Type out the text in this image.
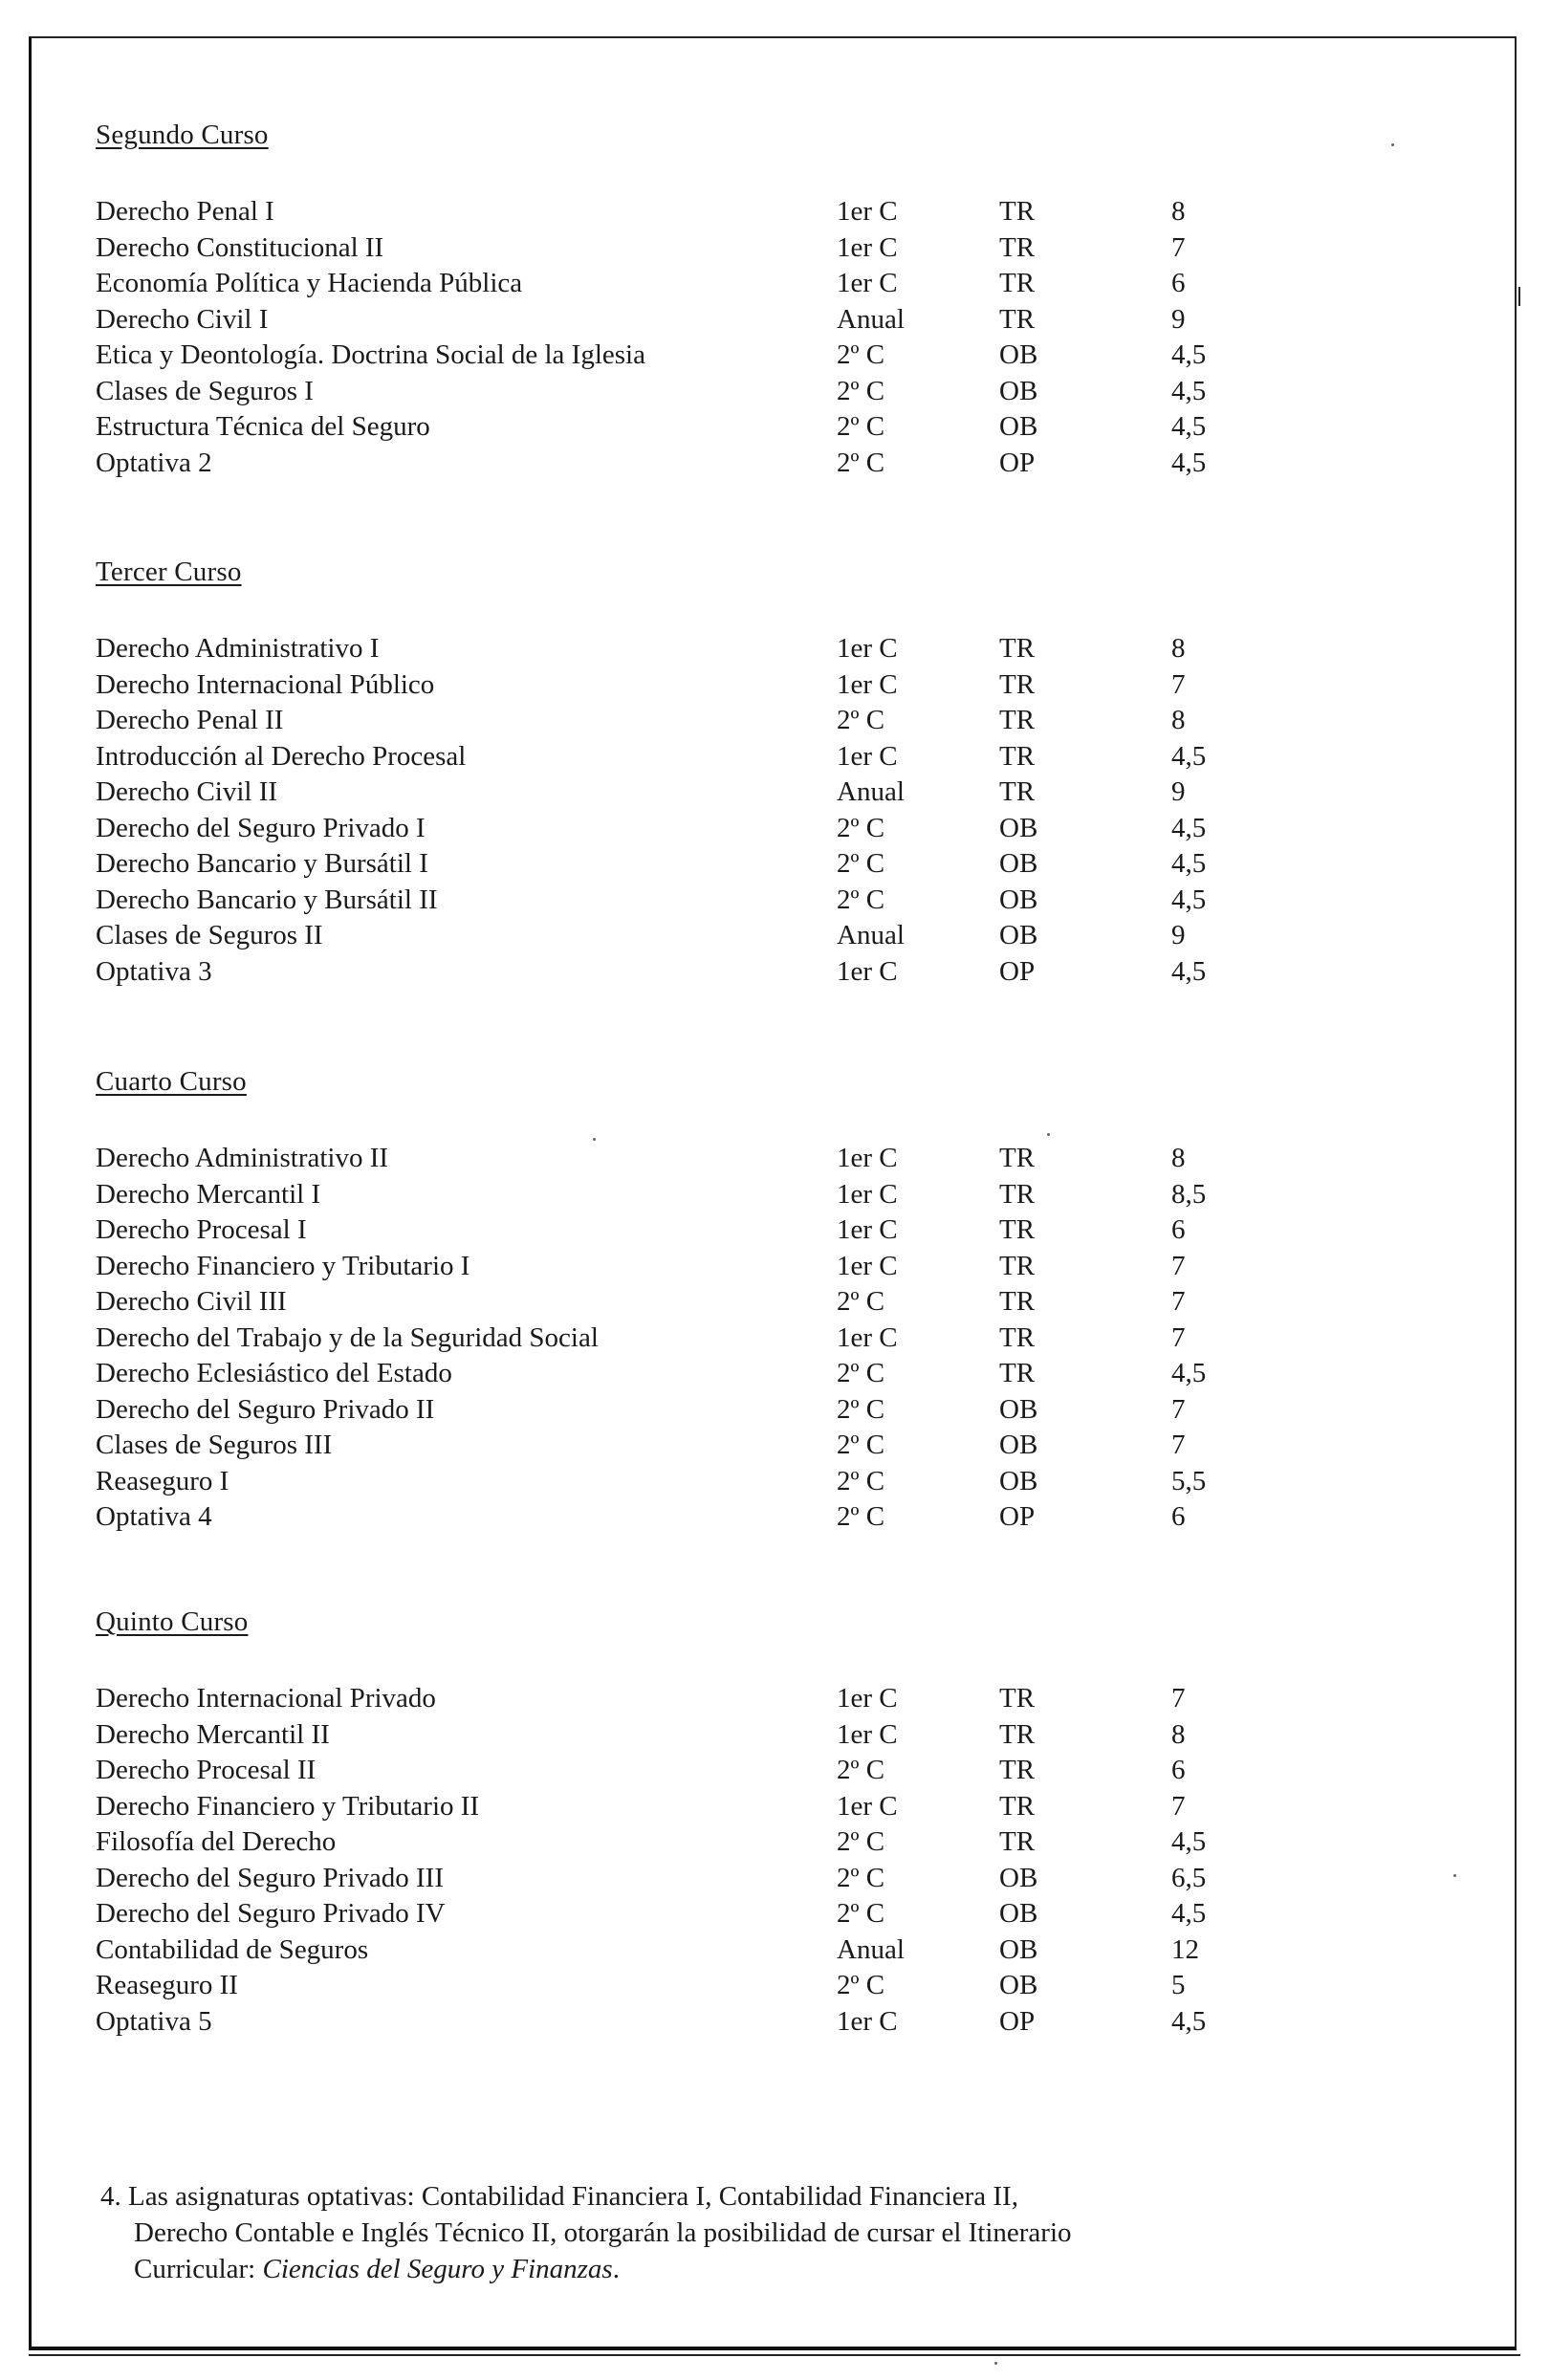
Segundo Curso
Derecho Penal I	1er C	TR	8
Derecho Constitucional II	1er C	TR	7
Economía Política y Hacienda Pública	1er C	TR	6
Derecho Civil I	Anual	TR	9
Etica y Deontología. Doctrina Social de la Iglesia	2º C	OB	4,5
Clases de Seguros I	2º C	OB	4,5
Estructura Técnica del Seguro	2º C	OB	4,5
Optativa 2	2º C	OP	4,5
Tercer Curso
Derecho Administrativo I	1er C	TR	8
Derecho Internacional Público	1er C	TR	7
Derecho Penal II	2º C	TR	8
Introducción al Derecho Procesal	1er C	TR	4,5
Derecho Civil II	Anual	TR	9
Derecho del Seguro Privado I	2º C	OB	4,5
Derecho Bancario y Bursátil I	2º C	OB	4,5
Derecho Bancario y Bursátil II	2º C	OB	4,5
Clases de Seguros II	Anual	OB	9
Optativa 3	1er C	OP	4,5
Cuarto Curso
Derecho Administrativo II	1er C	TR	8
Derecho Mercantil I	1er C	TR	8,5
Derecho Procesal I	1er C	TR	6
Derecho Financiero y Tributario I	1er C	TR	7
Derecho Civil III	2º C	TR	7
Derecho del Trabajo y de la Seguridad Social	1er C	TR	7
Derecho Eclesiástico del Estado	2º C	TR	4,5
Derecho del Seguro Privado II	2º C	OB	7
Clases de Seguros III	2º C	OB	7
Reaseguro I	2º C	OB	5,5
Optativa 4	2º C	OP	6
Quinto Curso
Derecho Internacional Privado	1er C	TR	7
Derecho Mercantil II	1er C	TR	8
Derecho Procesal II	2º C	TR	6
Derecho Financiero y Tributario II	1er C	TR	7
Filosofía del Derecho	2º C	TR	4,5
Derecho del Seguro Privado III	2º C	OB	6,5
Derecho del Seguro Privado IV	2º C	OB	4,5
Contabilidad de Seguros	Anual	OB	12
Reaseguro II	2º C	OB	5
Optativa 5	1er C	OP	4,5
4. Las asignaturas optativas: Contabilidad Financiera I, Contabilidad Financiera II,
Derecho Contable e Inglés Técnico II, otorgarán la posibilidad de cursar el Itinerario
Curricular: Ciencias del Seguro y Finanzas.
